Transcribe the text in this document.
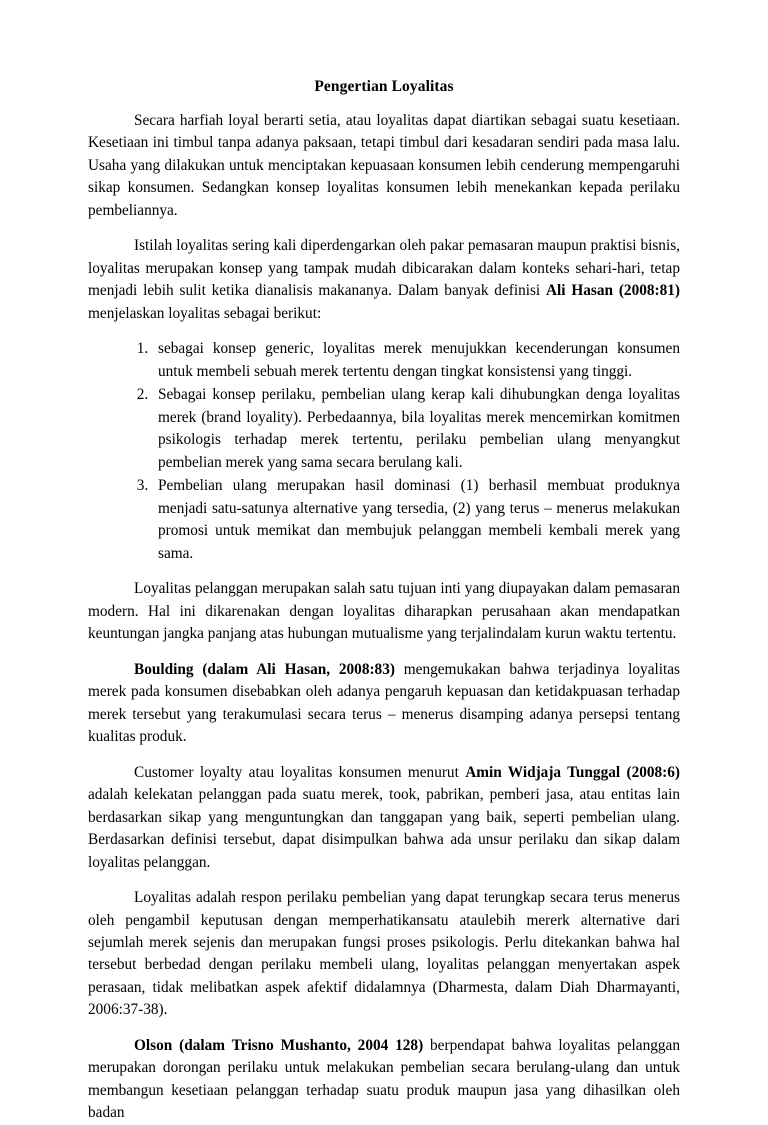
Pengertian Loyalitas

Secara harfiah loyal berarti setia, atau loyalitas dapat diartikan sebagai suatu kesetiaan. Kesetiaan ini timbul tanpa adanya paksaan, tetapi timbul dari kesadaran sendiri pada masa lalu. Usaha yang dilakukan untuk menciptakan kepuasaan konsumen lebih cenderung mempengaruhi sikap konsumen. Sedangkan konsep loyalitas konsumen lebih menekankan kepada perilaku pembeliannya.

Istilah loyalitas sering kali diperdengarkan oleh pakar pemasaran maupun praktisi bisnis, loyalitas merupakan konsep yang tampak mudah dibicarakan dalam konteks sehari-hari, tetap menjadi lebih sulit ketika dianalisis makananya. Dalam banyak definisi Ali Hasan (2008:81) menjelaskan loyalitas sebagai berikut:

1. sebagai konsep generic, loyalitas merek menujukkan kecenderungan konsumen untuk membeli sebuah merek tertentu dengan tingkat konsistensi yang tinggi.
2. Sebagai konsep perilaku, pembelian ulang kerap kali dihubungkan denga loyalitas merek (brand loyality). Perbedaannya, bila loyalitas merek mencemirkan komitmen psikologis terhadap merek tertentu, perilaku pembelian ulang menyangkut pembelian merek yang sama secara berulang kali.
3. Pembelian ulang merupakan hasil dominasi (1) berhasil membuat produknya menjadi satu-satunya alternative yang tersedia, (2) yang terus – menerus melakukan promosi untuk memikat dan membujuk pelanggan membeli kembali merek yang sama.

Loyalitas pelanggan merupakan salah satu tujuan inti yang diupayakan dalam pemasaran modern. Hal ini dikarenakan dengan loyalitas diharapkan perusahaan akan mendapatkan keuntungan jangka panjang atas hubungan mutualisme yang terjalindalam kurun waktu tertentu.

Boulding (dalam Ali Hasan, 2008:83) mengemukakan bahwa terjadinya loyalitas merek pada konsumen disebabkan oleh adanya pengaruh kepuasan dan ketidakpuasan terhadap merek tersebut yang terakumulasi secara terus – menerus disamping adanya persepsi tentang kualitas produk.

Customer loyalty atau loyalitas konsumen menurut Amin Widjaja Tunggal (2008:6) adalah kelekatan pelanggan pada suatu merek, took, pabrikan, pemberi jasa, atau entitas lain berdasarkan sikap yang menguntungkan dan tanggapan yang baik, seperti pembelian ulang. Berdasarkan definisi tersebut, dapat disimpulkan bahwa ada unsur perilaku dan sikap dalam loyalitas pelanggan.

Loyalitas adalah respon perilaku pembelian yang dapat terungkap secara terus menerus oleh pengambil keputusan dengan memperhatikansatu ataulebih mererk alternative dari sejumlah merek sejenis dan merupakan fungsi proses psikologis. Perlu ditekankan bahwa hal tersebut berbedad dengan perilaku membeli ulang, loyalitas pelanggan menyertakan aspek perasaan, tidak melibatkan aspek afektif didalamnya (Dharmesta, dalam Diah Dharmayanti, 2006:37-38).

Olson (dalam Trisno Mushanto, 2004 128) berpendapat bahwa loyalitas pelanggan merupakan dorongan perilaku untuk melakukan pembelian secara berulang-ulang dan untuk membangun kesetiaan pelanggan terhadap suatu produk maupun jasa yang dihasilkan oleh badan
